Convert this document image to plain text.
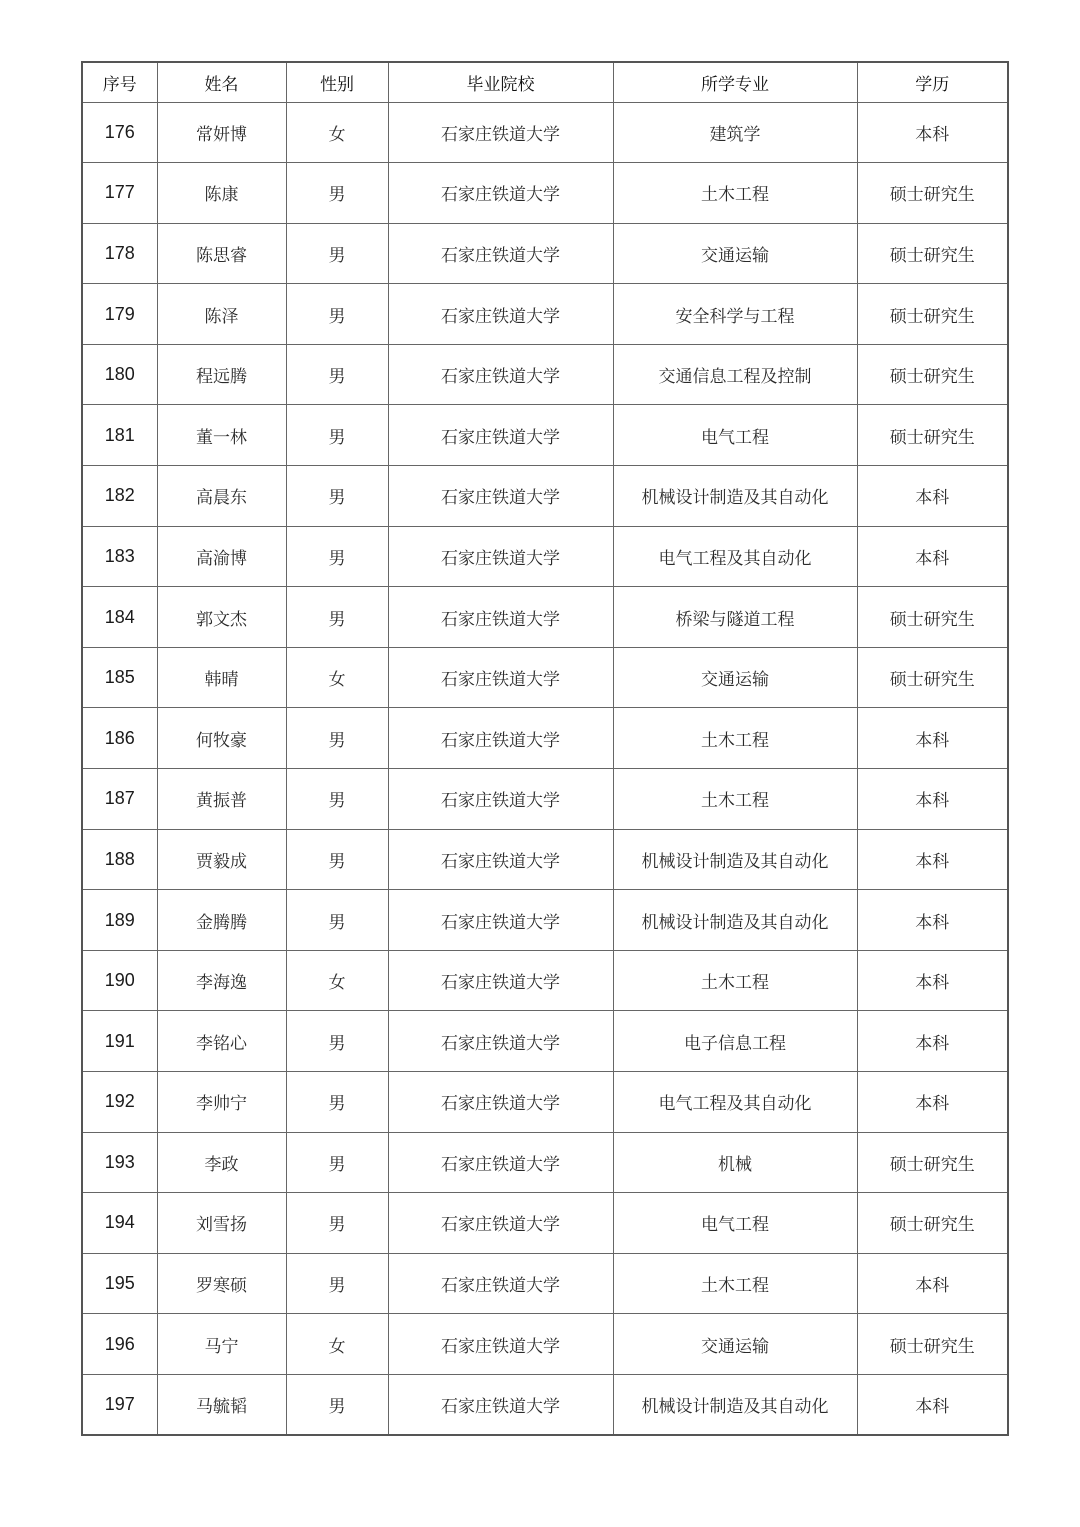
序号	姓名	性别	毕业院校	所学专业	学历
176	常妍博	女	石家庄铁道大学	建筑学	本科
177	陈康	男	石家庄铁道大学	土木工程	硕士研究生
178	陈思睿	男	石家庄铁道大学	交通运输	硕士研究生
179	陈泽	男	石家庄铁道大学	安全科学与工程	硕士研究生
180	程远腾	男	石家庄铁道大学	交通信息工程及控制	硕士研究生
181	董一林	男	石家庄铁道大学	电气工程	硕士研究生
182	高晨东	男	石家庄铁道大学	机械设计制造及其自动化	本科
183	高渝博	男	石家庄铁道大学	电气工程及其自动化	本科
184	郭文杰	男	石家庄铁道大学	桥梁与隧道工程	硕士研究生
185	韩晴	女	石家庄铁道大学	交通运输	硕士研究生
186	何牧豪	男	石家庄铁道大学	土木工程	本科
187	黄振普	男	石家庄铁道大学	土木工程	本科
188	贾毅成	男	石家庄铁道大学	机械设计制造及其自动化	本科
189	金腾腾	男	石家庄铁道大学	机械设计制造及其自动化	本科
190	李海逸	女	石家庄铁道大学	土木工程	本科
191	李铭心	男	石家庄铁道大学	电子信息工程	本科
192	李帅宁	男	石家庄铁道大学	电气工程及其自动化	本科
193	李政	男	石家庄铁道大学	机械	硕士研究生
194	刘雪扬	男	石家庄铁道大学	电气工程	硕士研究生
195	罗寒硕	男	石家庄铁道大学	土木工程	本科
196	马宁	女	石家庄铁道大学	交通运输	硕士研究生
197	马毓韬	男	石家庄铁道大学	机械设计制造及其自动化	本科
